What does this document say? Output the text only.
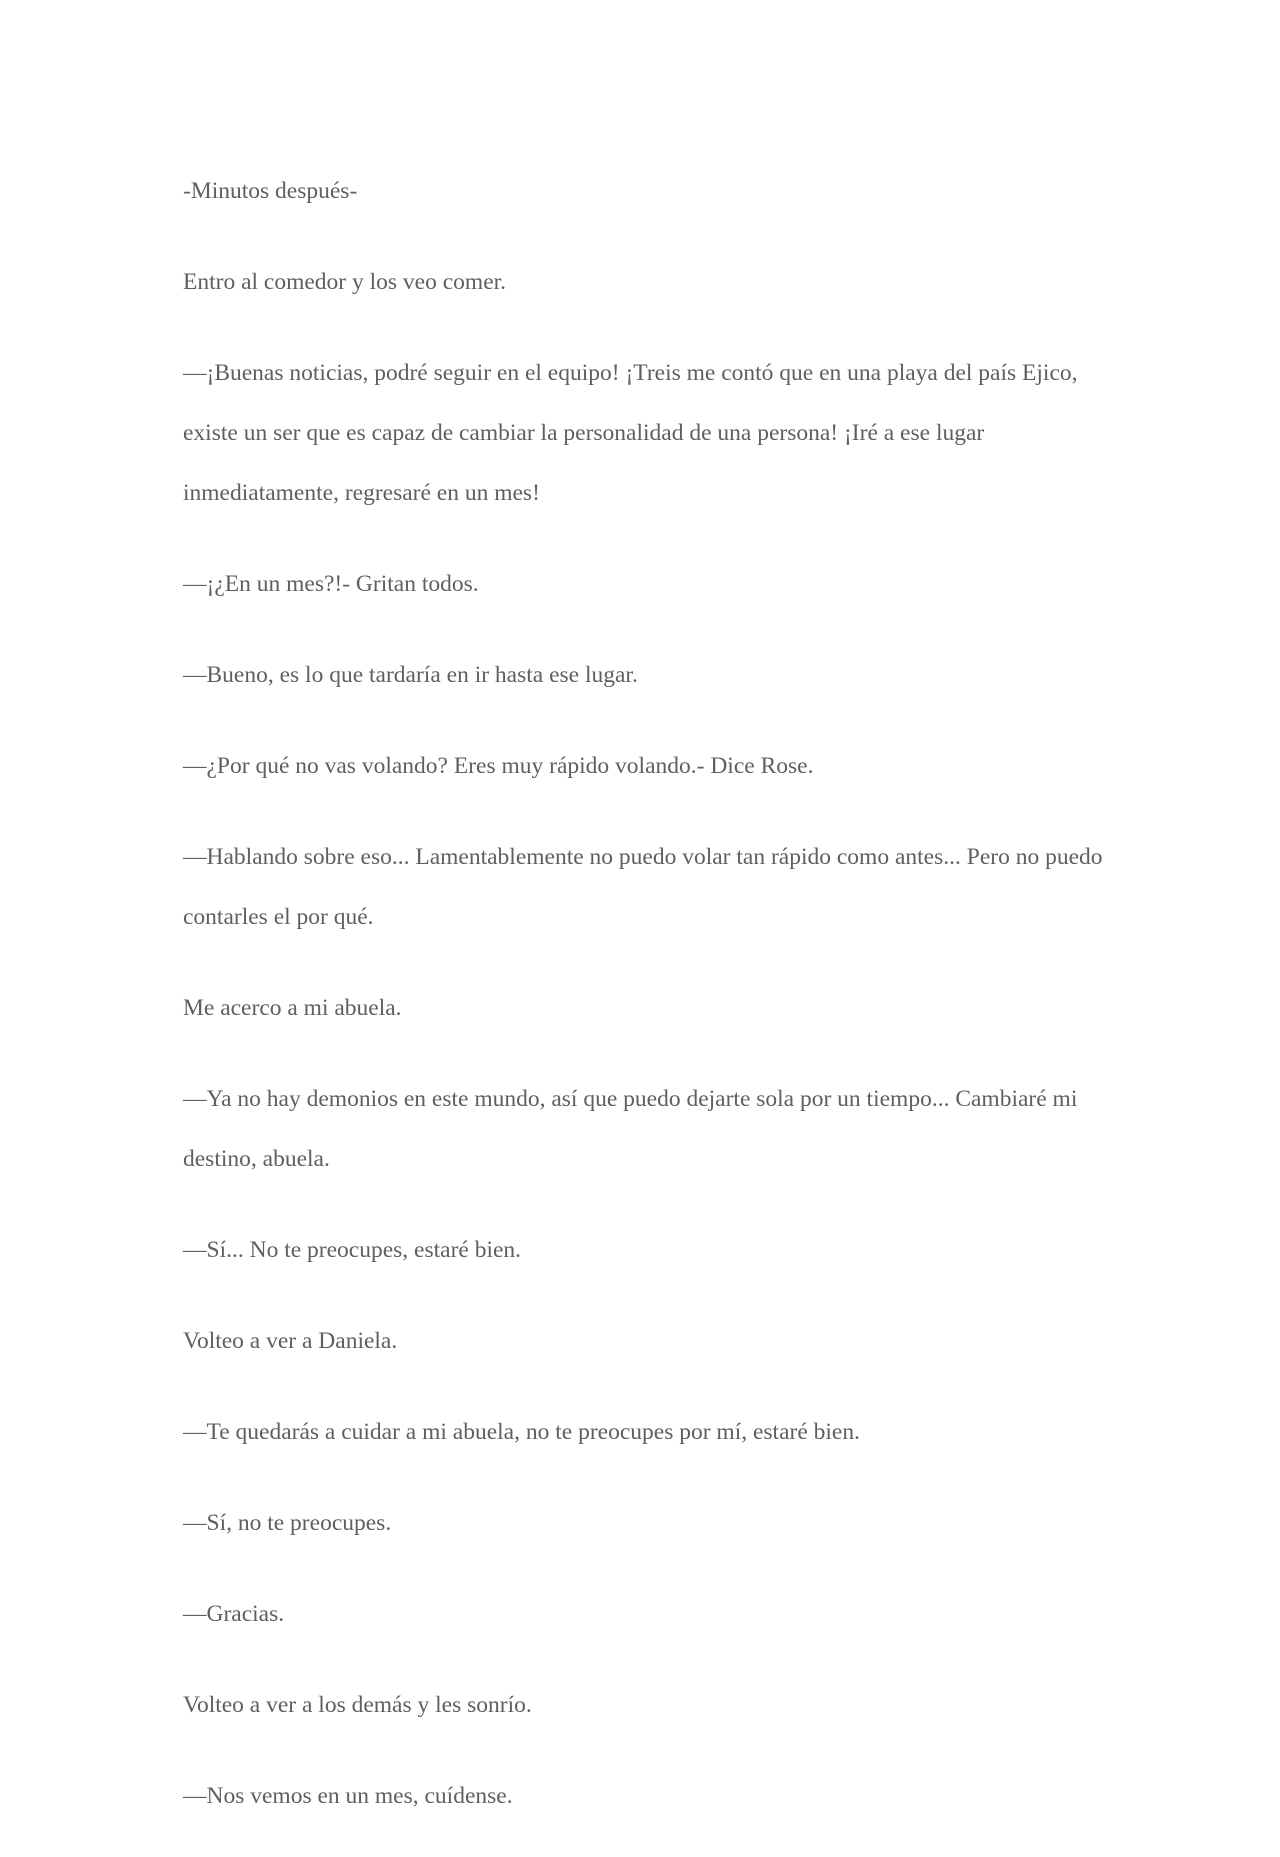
-Minutos después-

Entro al comedor y los veo comer.

—¡Buenas noticias, podré seguir en el equipo! ¡Treis me contó que en una playa del país Ejico, existe un ser que es capaz de cambiar la personalidad de una persona! ¡Iré a ese lugar inmediatamente, regresaré en un mes!

—¡¿En un mes?!- Gritan todos.

—Bueno, es lo que tardaría en ir hasta ese lugar.

—¿Por qué no vas volando? Eres muy rápido volando.- Dice Rose.

—Hablando sobre eso... Lamentablemente no puedo volar tan rápido como antes... Pero no puedo contarles el por qué.

Me acerco a mi abuela.

—Ya no hay demonios en este mundo, así que puedo dejarte sola por un tiempo... Cambiaré mi destino, abuela.

—Sí... No te preocupes, estaré bien.

Volteo a ver a Daniela.

—Te quedarás a cuidar a mi abuela, no te preocupes por mí, estaré bien.

—Sí, no te preocupes.

—Gracias.

Volteo a ver a los demás y les sonrío.

—Nos vemos en un mes, cuídense.
